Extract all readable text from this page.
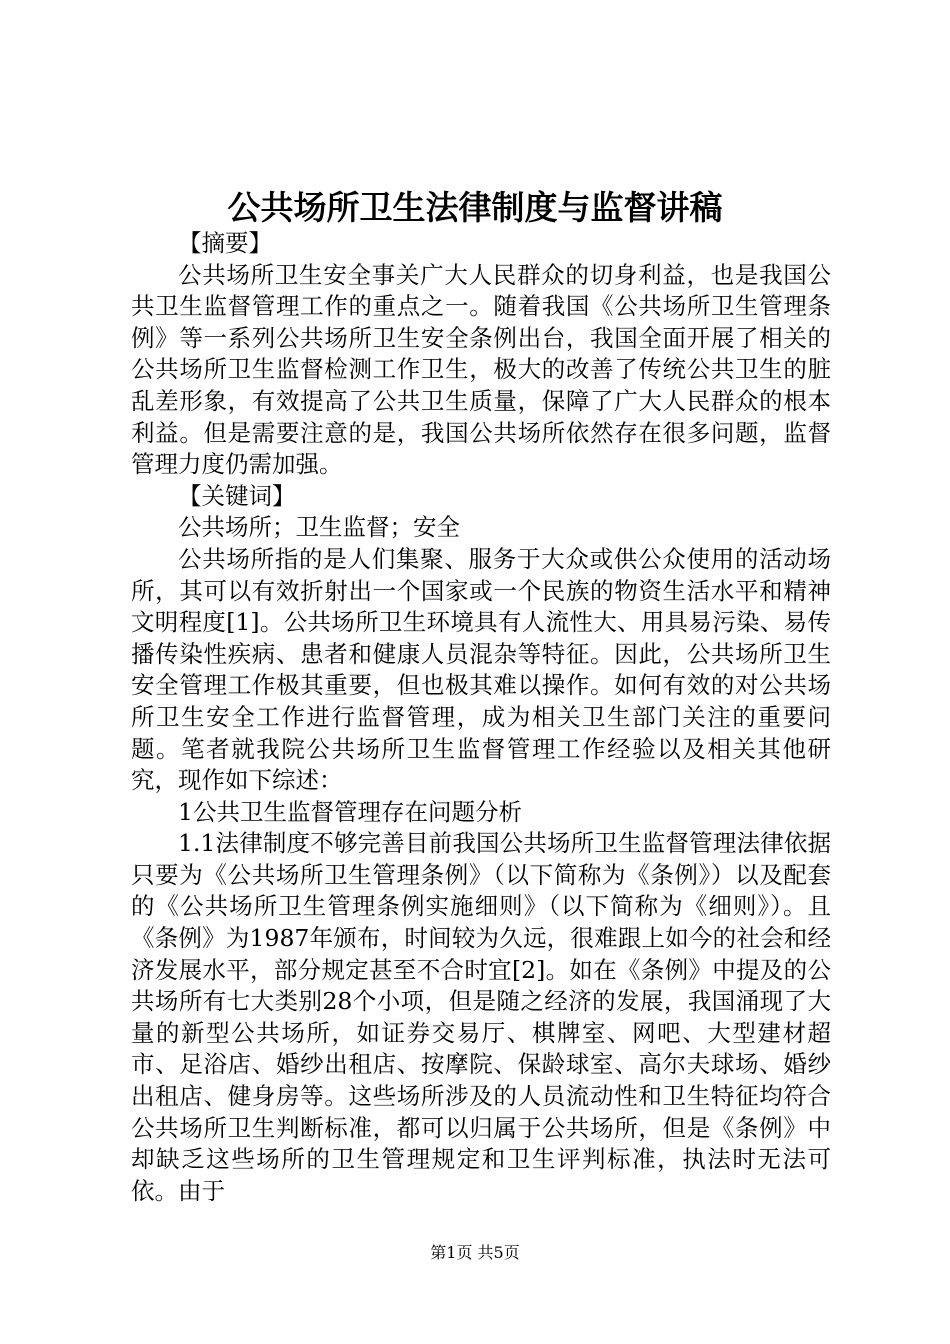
公共场所卫生法律制度与监督讲稿

【摘要】

公共场所卫生安全事关广大人民群众的切身利益，也是我国公共卫生监督管理工作的重点之一。随着我国《公共场所卫生管理条例》等一系列公共场所卫生安全条例出台，我国全面开展了相关的公共场所卫生监督检测工作卫生，极大的改善了传统公共卫生的脏乱差形象，有效提高了公共卫生质量，保障了广大人民群众的根本利益。但是需要注意的是，我国公共场所依然存在很多问题，监督管理力度仍需加强。

【关键词】

公共场所；卫生监督；安全

公共场所指的是人们集聚、服务于大众或供公众使用的活动场所，其可以有效折射出一个国家或一个民族的物资生活水平和精神文明程度[1]。公共场所卫生环境具有人流性大、用具易污染、易传播传染性疾病、患者和健康人员混杂等特征。因此，公共场所卫生安全管理工作极其重要，但也极其难以操作。如何有效的对公共场所卫生安全工作进行监督管理，成为相关卫生部门关注的重要问题。笔者就我院公共场所卫生监督管理工作经验以及相关其他研究，现作如下综述：

1公共卫生监督管理存在问题分析

1.1法律制度不够完善目前我国公共场所卫生监督管理法律依据只要为《公共场所卫生管理条例》（以下简称为《条例》）以及配套的《公共场所卫生管理条例实施细则》（以下简称为《细则》）。且《条例》为1987年颁布，时间较为久远，很难跟上如今的社会和经济发展水平，部分规定甚至不合时宜[2]。如在《条例》中提及的公共场所有七大类别28个小项，但是随之经济的发展，我国涌现了大量的新型公共场所，如证券交易厅、棋牌室、网吧、大型建材超市、足浴店、婚纱出租店、按摩院、保龄球室、高尔夫球场、婚纱出租店、健身房等。这些场所涉及的人员流动性和卫生特征均符合公共场所卫生判断标准，都可以归属于公共场所，但是《条例》中却缺乏这些场所的卫生管理规定和卫生评判标准，执法时无法可依。由于

第1页 共5页
